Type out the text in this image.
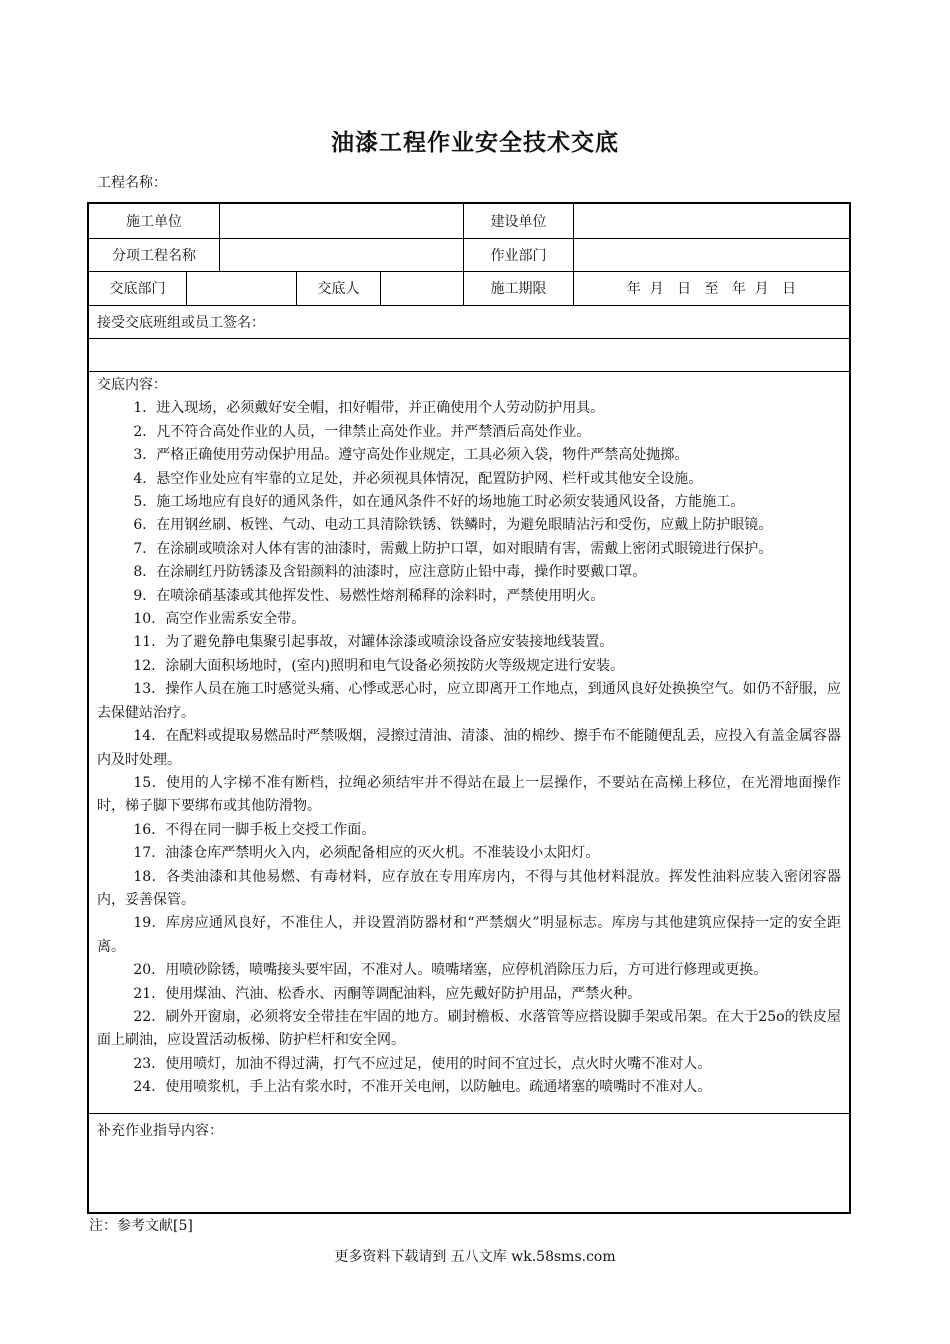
油漆工程作业安全技术交底
工程名称：
施工单位	建设单位
分项工程名称	作业部门
交底部门	交底人	施工期限	年  月   日   至   年  月   日
接受交底班组或员工签名：
交底内容：

1．进入现场，必须戴好安全帽，扣好帽带，并正确使用个人劳动防护用具。

2．凡不符合高处作业的人员，一律禁止高处作业。并严禁酒后高处作业。

3．严格正确使用劳动保护用品。遵守高处作业规定，工具必须入袋，物件严禁高处抛掷。

4．悬空作业处应有牢靠的立足处，并必须视具体情况，配置防护网、栏杆或其他安全设施。

5．施工场地应有良好的通风条件，如在通风条件不好的场地施工时必须安装通风设备，方能施工。

6．在用钢丝刷、板锉、气动、电动工具清除铁锈、铁鳞时，为避免眼睛沾污和受伤，应戴上防护眼镜。

7．在涂刷或喷涂对人体有害的油漆时，需戴上防护口罩，如对眼睛有害，需戴上密闭式眼镜进行保护。

8．在涂刷红丹防锈漆及含铅颜料的油漆时，应注意防止铅中毒，操作时要戴口罩。

9．在喷涂硝基漆或其他挥发性、易燃性熔剂稀释的涂料时，严禁使用明火。

10．高空作业需系安全带。

11．为了避免静电集聚引起事故，对罐体涂漆或喷涂设备应安装接地线装置。

12．涂刷大面积场地时，(室内)照明和电气设备必须按防火等级规定进行安装。

13．操作人员在施工时感觉头痛、心悸或恶心时，应立即离开工作地点，到通风良好处换换空气。如仍不舒服，应去保健站治疗。

14．在配料或提取易燃品时严禁吸烟，浸擦过清油、清漆、油的棉纱、擦手布不能随便乱丢，应投入有盖金属容器内及时处理。

15．使用的人字梯不准有断档，拉绳必须结牢并不得站在最上一层操作，不要站在高梯上移位，在光滑地面操作时，梯子脚下要绑布或其他防滑物。

16．不得在同一脚手板上交授工作面。

17．油漆仓库严禁明火入内，必须配备相应的灭火机。不准装设小太阳灯。

18．各类油漆和其他易燃、有毒材料，应存放在专用库房内，不得与其他材料混放。挥发性油料应装入密闭容器内，妥善保管。

19．库房应通风良好，不准住人，并设置消防器材和“严禁烟火”明显标志。库房与其他建筑应保持一定的安全距离。

20．用喷砂除锈，喷嘴接头要牢固，不准对人。喷嘴堵塞，应停机消除压力后，方可进行修理或更换。

21．使用煤油、汽油、松香水、丙酮等调配油料，应先戴好防护用品，严禁火种。

22．刷外开窗扇，必须将安全带挂在牢固的地方。刷封檐板、水落管等应搭设脚手架或吊架。在大于25o的铁皮屋面上刷油，应设置活动板梯、防护栏杆和安全网。

23．使用喷灯，加油不得过满，打气不应过足，使用的时间不宜过长，点火时火嘴不准对人。

24．使用喷浆机，手上沾有浆水时，不准开关电闸，以防触电。疏通堵塞的喷嘴时不准对人。

补充作业指导内容：
注：参考文献[5]
更多资料下载请到 五八文库 wk.58sms.com
